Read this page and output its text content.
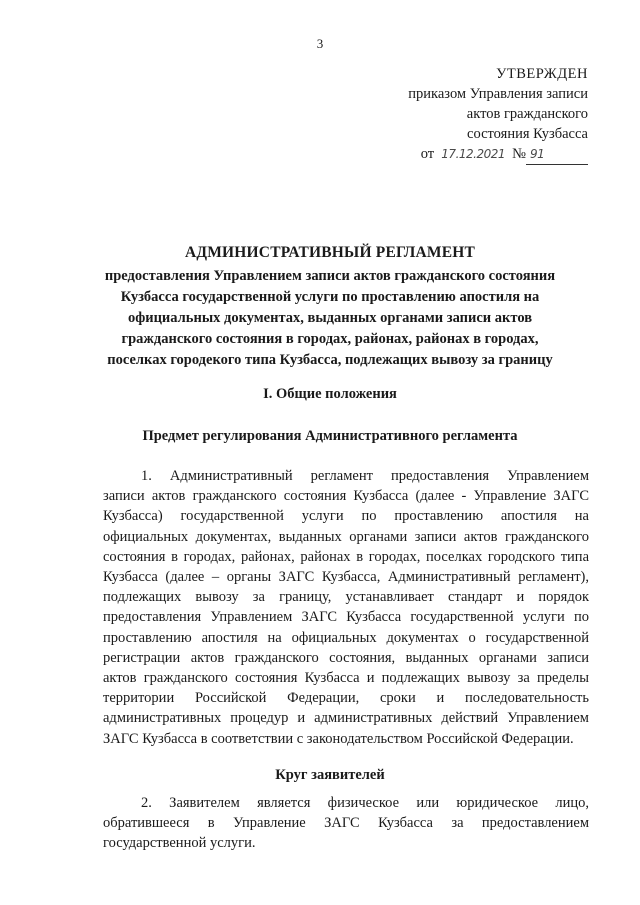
3
УТВЕРЖДЕН
приказом Управления записи
актов гражданского
состояния Кузбасса
от 17.12.2021 № 91
АДМИНИСТРАТИВНЫЙ РЕГЛАМЕНТ
предоставления Управлением записи актов гражданского состояния
Кузбасса государственной услуги по проставлению апостиля на
официальных документах, выданных органами записи актов
гражданского состояния в городах, районах, районах в городах,
поселках городекого типа Кузбасса, подлежащих вывозу за границу
I. Общие положения
Предмет регулирования Административного регламента
1. Административный регламент предоставления Управлением
записи актов гражданского состояния Кузбасса (далее - Управление ЗАГС
Кузбасса) государственной услуги по проставлению апостиля на
официальных документах, выданных органами записи актов гражданского
состояния в городах, районах, районах в городах, поселках городского типа
Кузбасса (далее – органы ЗАГС Кузбасса, Административный регламент),
подлежащих вывозу за границу, устанавливает стандарт и порядок
предоставления Управлением ЗАГС Кузбасса государственной услуги по
проставлению апостиля на официальных документах о государственной
регистрации актов гражданского состояния, выданных органами записи
актов гражданского состояния Кузбасса и подлежащих вывозу за пределы
территории Российской Федерации, сроки и последовательность
административных процедур и административных действий Управлением
ЗАГС Кузбасса в соответствии с законодательством Российской Федерации.
Круг заявителей
2. Заявителем является физическое или юридическое лицо,
обратившееся в Управление ЗАГС Кузбасса за предоставлением
государственной услуги.
